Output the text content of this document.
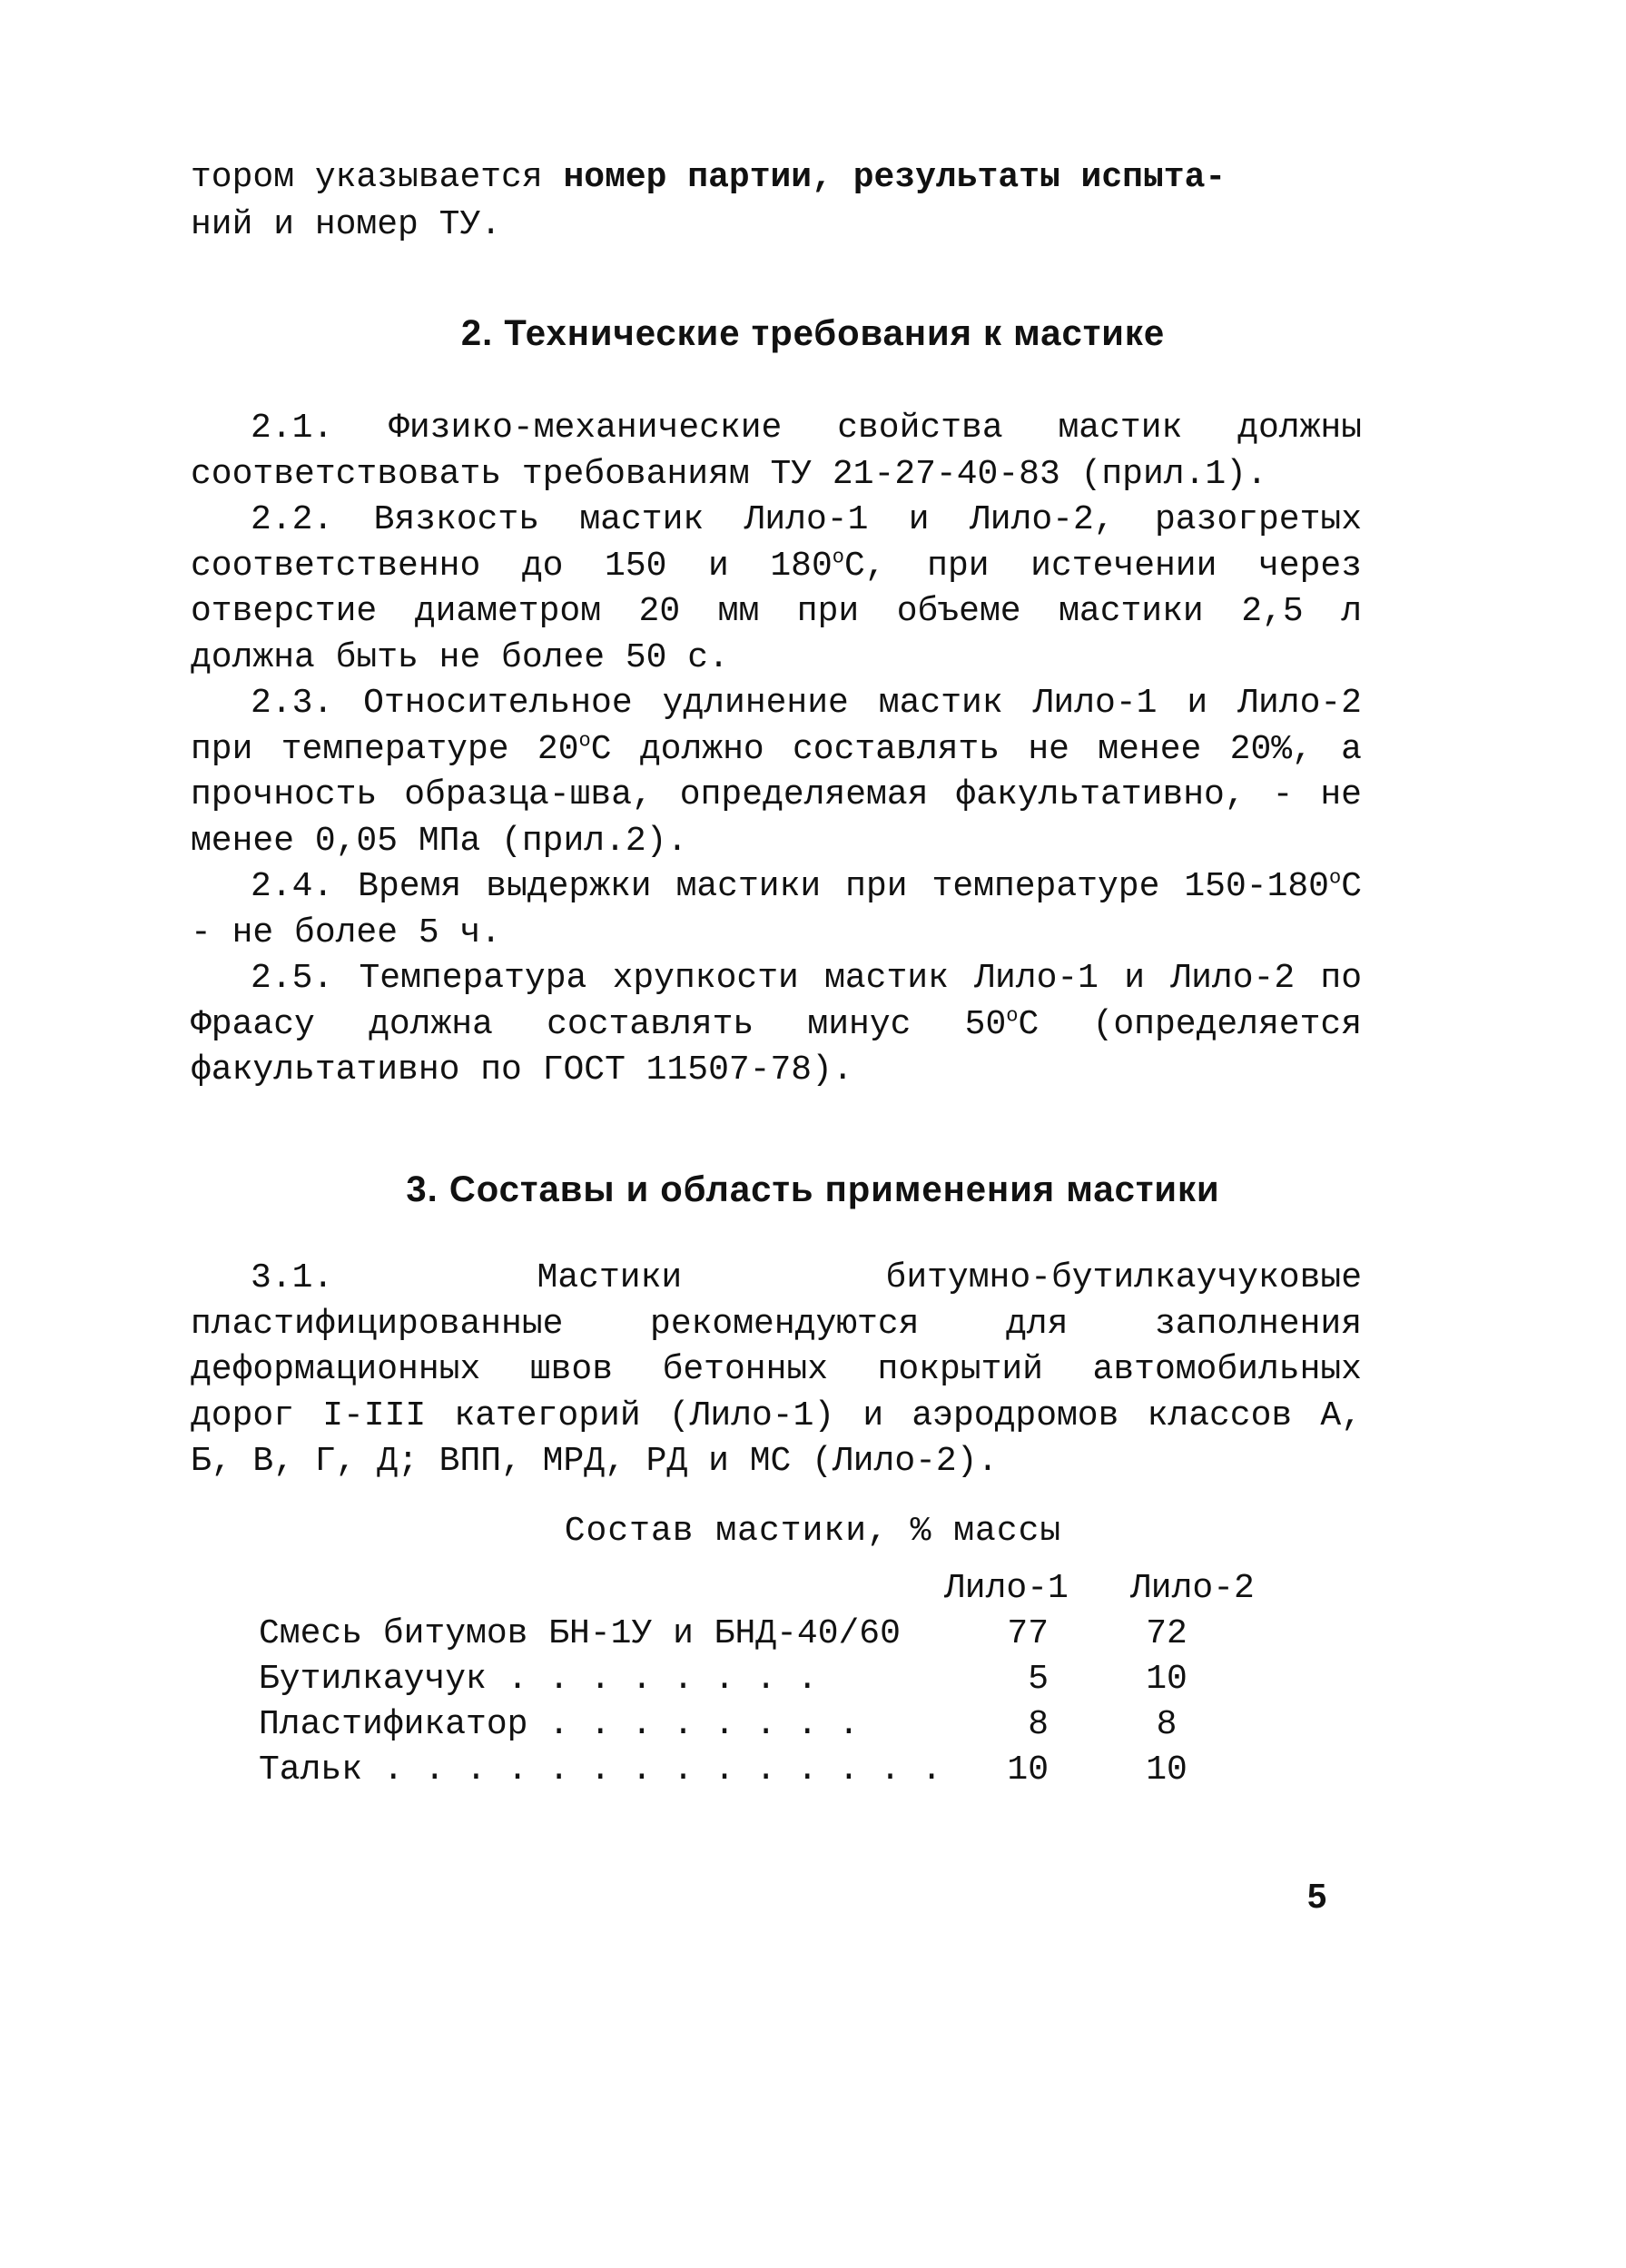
тором указывается номер партии, результаты испыта-
ний и номер ТУ.
2. Технические требования к мастике
2.1. Физико-механические свойства мастик должны соответствовать требованиям ТУ 21-27-40-83 (прил.1).
2.2. Вязкость мастик Лило-1 и Лило-2, разогретых соответственно до 150 и $180^оС$, при истечении через отверстие диаметром 20 мм при объеме мастики 2,5 л должна быть не более 50 с.
2.3. Относительное удлинение мастик Лило-1 и Лило-2 при температуре $20^оС$ должно составлять не менее 20%, а прочность образца-шва, определяемая факультативно, - не менее 0,05 МПа (прил.2).
2.4. Время выдержки мастики при температуре $150-180^оС$ - не более 5 ч.
2.5. Температура хрупкости мастик Лило-1 и Лило-2 по Фраасу должна составлять минус $50^оС$ (определяется факультативно по ГОСТ 11507-78).
3. Составы и область применения мастики
3.1. Мастики битумно-бутилкаучуковые пластифицированные рекомендуются для заполнения деформационных швов бетонных покрытий автомобильных дорог I-III категорий (Лило-1) и аэродромов классов А, Б, В, Г, Д; ВПП, МРД, РД и МС (Лило-2).
Состав мастики, % массы
Лило-1 Лило-2
Смесь битумов БН-1У и БНД-40/60	77	72
Бутилкаучук . . . . . . . .	5	10
Пластификатор . . . . . . . .	8	8
Тальк . . . . . . . . . . . . . .	10	10
5
